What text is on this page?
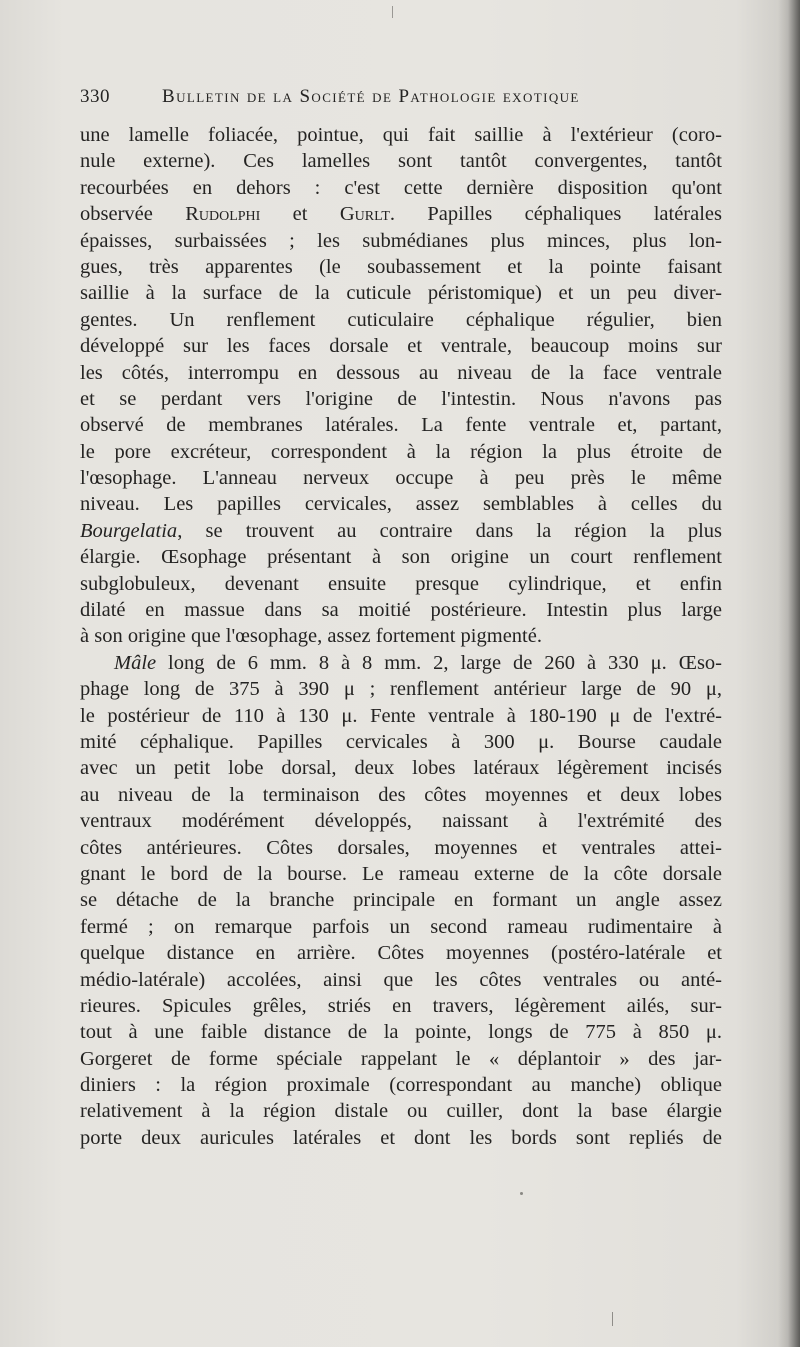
330	Bulletin de la Société de Pathologie exotique
une lamelle foliacée, pointue, qui fait saillie à l'extérieur (coro-
nule externe). Ces lamelles sont tantôt convergentes, tantôt
recourbées en dehors : c'est cette dernière disposition qu'ont
observée Rudolphi et Gurlt. Papilles céphaliques latérales
épaisses, surbaissées ; les submédianes plus minces, plus lon-
gues, très apparentes (le soubassement et la pointe faisant
saillie à la surface de la cuticule péristomique) et un peu diver-
gentes. Un renflement cuticulaire céphalique régulier, bien
développé sur les faces dorsale et ventrale, beaucoup moins sur
les côtés, interrompu en dessous au niveau de la face ventrale
et se perdant vers l'origine de l'intestin. Nous n'avons pas
observé de membranes latérales. La fente ventrale et, partant,
le pore excréteur, correspondent à la région la plus étroite de
l'œsophage. L'anneau nerveux occupe à peu près le même
niveau. Les papilles cervicales, assez semblables à celles du
Bourgelatia, se trouvent au contraire dans la région la plus
élargie. Œsophage présentant à son origine un court renflement
subglobuleux, devenant ensuite presque cylindrique, et enfin
dilaté en massue dans sa moitié postérieure. Intestin plus large
à son origine que l'œsophage, assez fortement pigmenté.
Mâle long de 6 mm. 8 à 8 mm. 2, large de 260 à 330 μ. Œso-
phage long de 375 à 390 μ ; renflement antérieur large de 90 μ,
le postérieur de 110 à 130 μ. Fente ventrale à 180-190 μ de l'extré-
mité céphalique. Papilles cervicales à 300 μ. Bourse caudale
avec un petit lobe dorsal, deux lobes latéraux légèrement incisés
au niveau de la terminaison des côtes moyennes et deux lobes
ventraux modérément développés, naissant à l'extrémité des
côtes antérieures. Côtes dorsales, moyennes et ventrales attei-
gnant le bord de la bourse. Le rameau externe de la côte dorsale
se détache de la branche principale en formant un angle assez
fermé ; on remarque parfois un second rameau rudimentaire à
quelque distance en arrière. Côtes moyennes (postéro-latérale et
médio-latérale) accolées, ainsi que les côtes ventrales ou anté-
rieures. Spicules grêles, striés en travers, légèrement ailés, sur-
tout à une faible distance de la pointe, longs de 775 à 850 μ.
Gorgeret de forme spéciale rappelant le « déplantoir » des jar-
diniers : la région proximale (correspondant au manche) oblique
relativement à la région distale ou cuiller, dont la base élargie
porte deux auricules latérales et dont les bords sont repliés de
